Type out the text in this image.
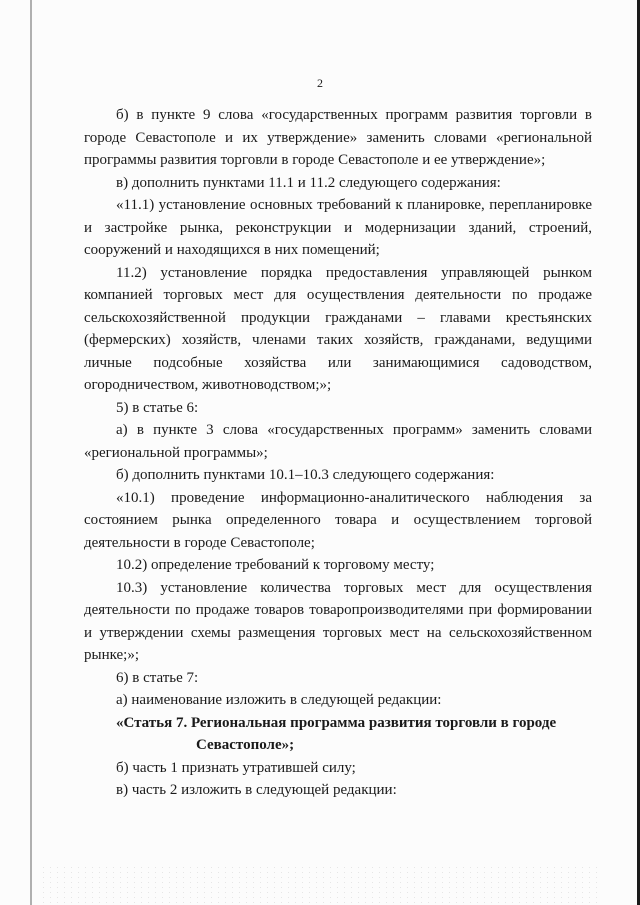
2

б) в пункте 9 слова «государственных программ развития торговли в городе Севастополе и их утверждение» заменить словами «региональной программы развития торговли в городе Севастополе и ее утверждение»;

в) дополнить пунктами 11.1 и 11.2 следующего содержания:

«11.1) установление основных требований к планировке, перепланировке и застройке рынка, реконструкции и модернизации зданий, строений, сооружений и находящихся в них помещений;

11.2) установление порядка предоставления управляющей рынком компанией торговых мест для осуществления деятельности по продаже сельскохозяйственной продукции гражданами – главами крестьянских (фермерских) хозяйств, членами таких хозяйств, гражданами, ведущими личные подсобные хозяйства или занимающимися садоводством, огородничеством, животноводством;»;

5) в статье 6:

а) в пункте 3 слова «государственных программ» заменить словами «региональной программы»;

б) дополнить пунктами 10.1–10.3 следующего содержания:

«10.1) проведение информационно-аналитического наблюдения за состоянием рынка определенного товара и осуществлением торговой деятельности в городе Севастополе;

10.2) определение требований к торговому месту;

10.3) установление количества торговых мест для осуществления деятельности по продаже товаров товаропроизводителями при формировании и утверждении схемы размещения торговых мест на сельскохозяйственном рынке;»;

6) в статье 7:

а) наименование изложить в следующей редакции:

«Статья 7. Региональная программа развития торговли в городе
Севастополе»;

б) часть 1 признать утратившей силу;

в) часть 2 изложить в следующей редакции:
